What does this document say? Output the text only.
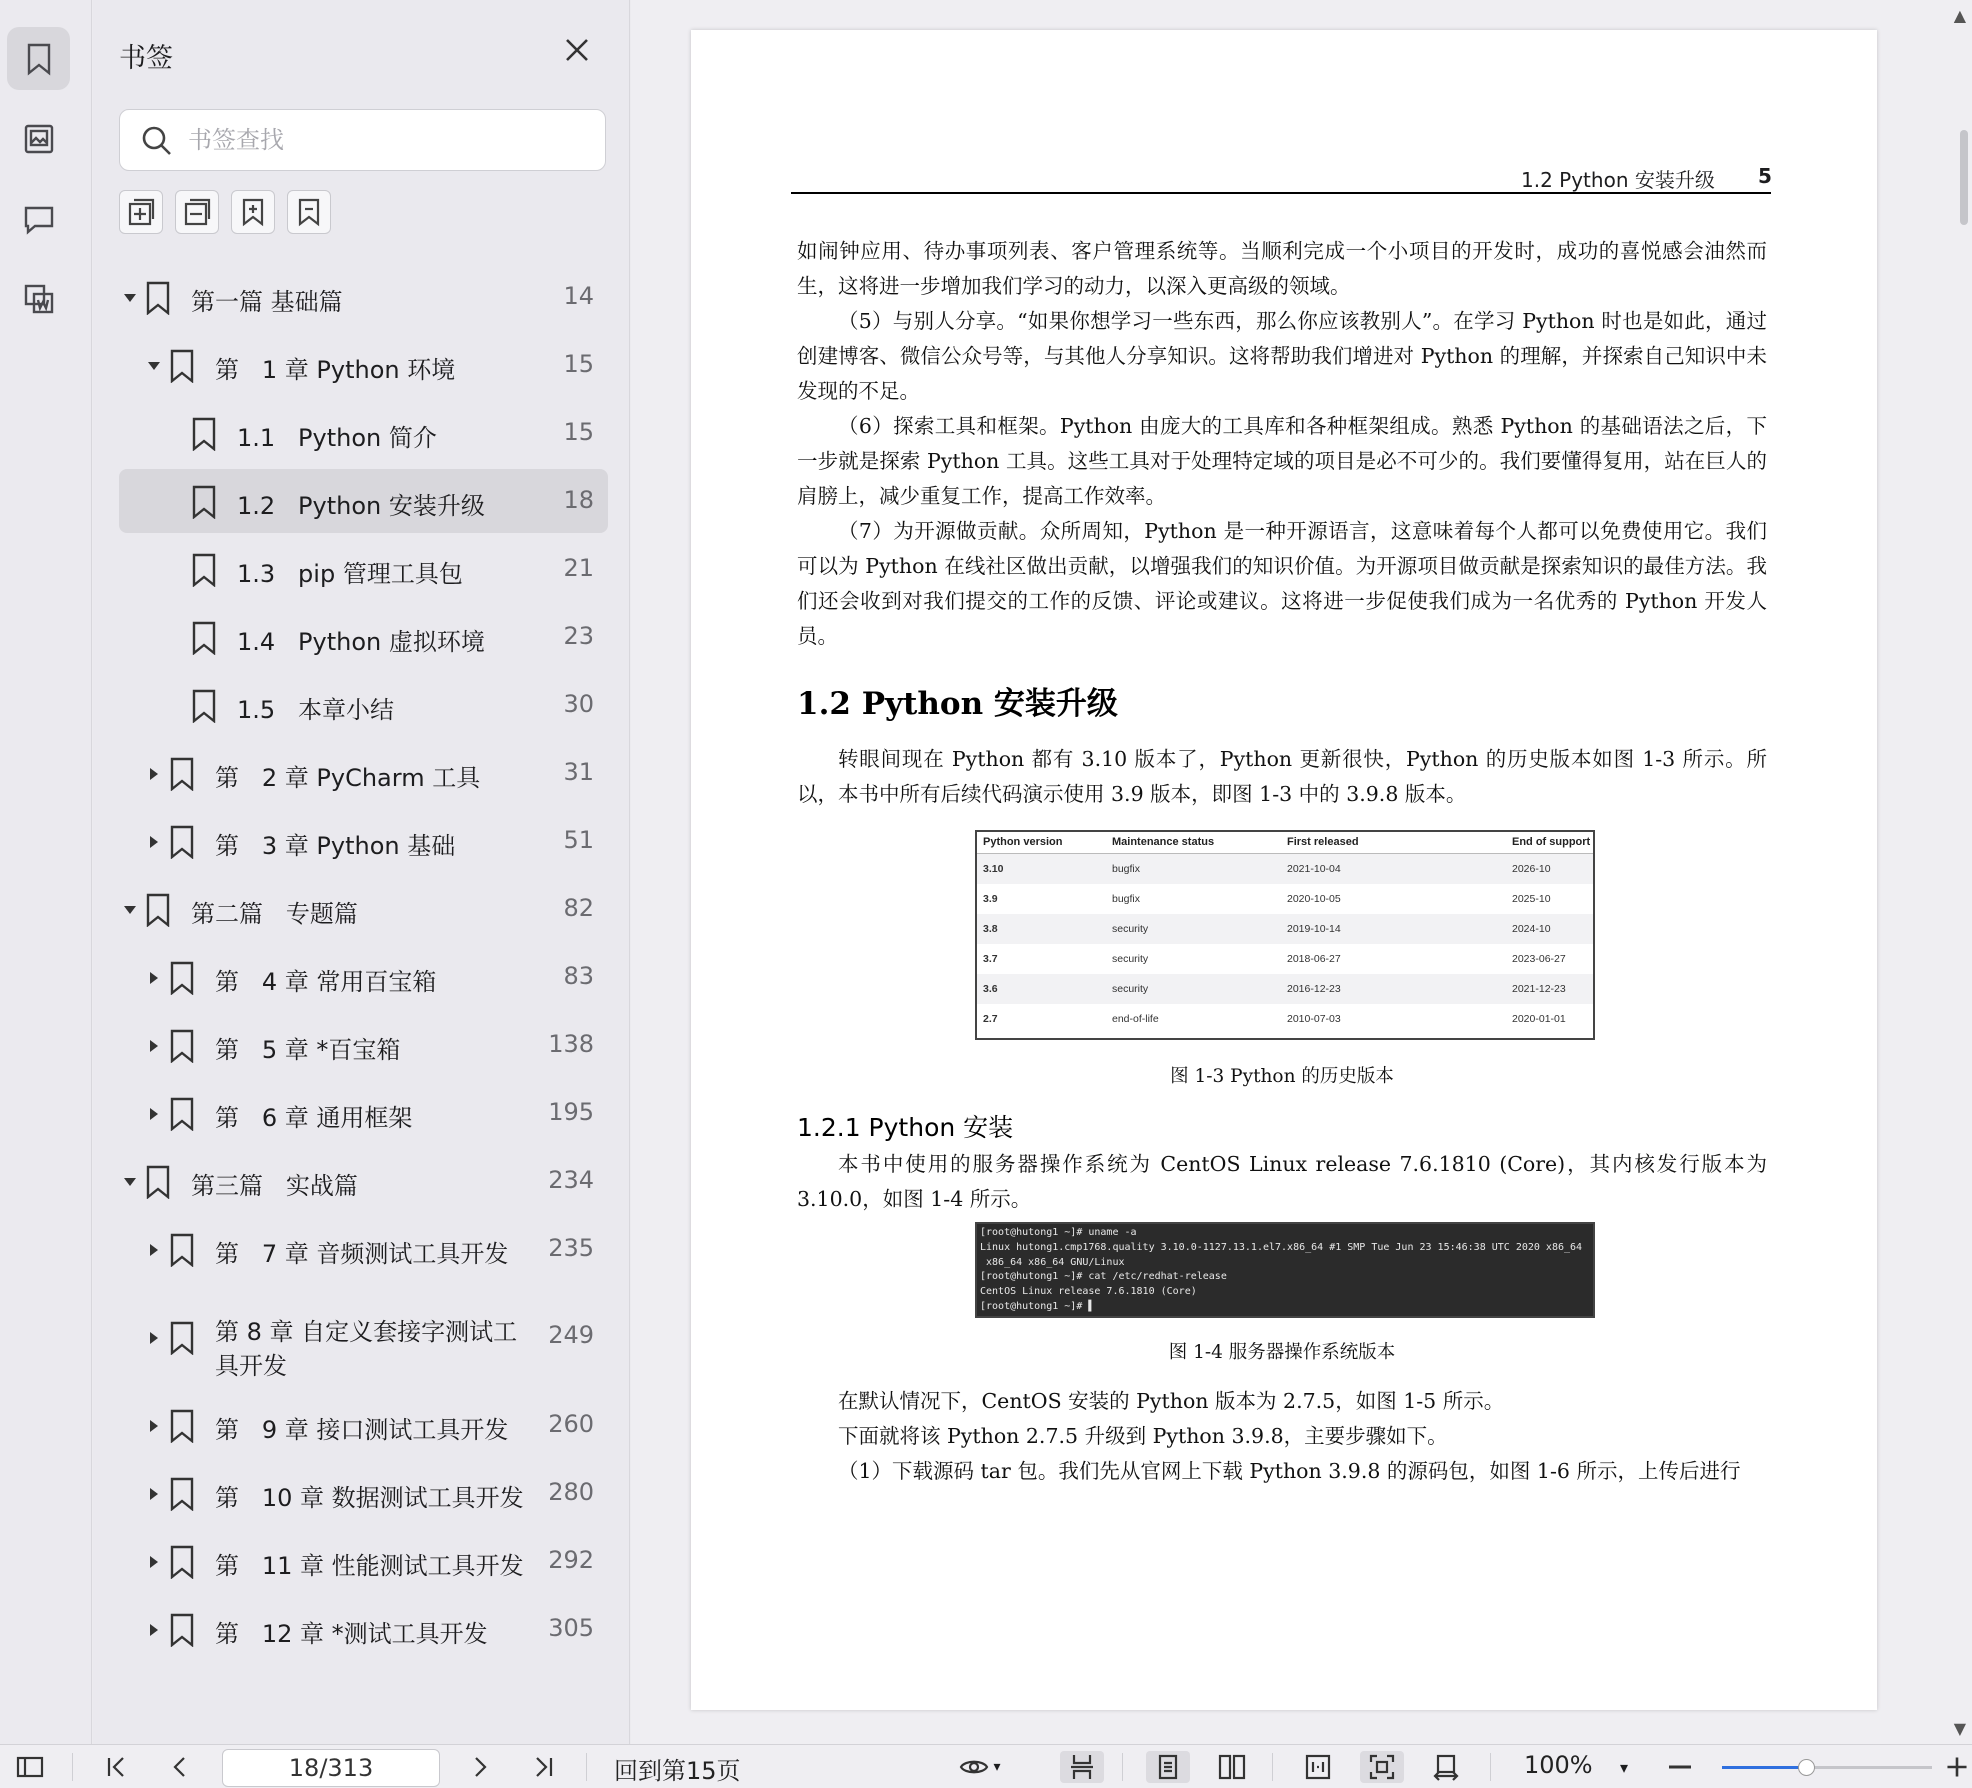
书签
书签查找
第一篇 基础篇	14
第   1 章 Python 环境	15
1.1   Python 简介	15
1.2   Python 安装升级	18
1.3   pip 管理工具包	21
1.4   Python 虚拟环境	23
1.5   本章小结	30
第   2 章 PyCharm 工具	31
第   3 章 Python 基础	51
第二篇   专题篇	82
第   4 章 常用百宝箱	83
第   5 章 *百宝箱	138
第   6 章 通用框架	195
第三篇   实战篇	234
第   7 章 音频测试工具开发 235
第 8 章 自定义套接字测试工具开发
249
第   9 章 接口测试工具开发 260
第   10 章 数据测试工具开发 280
第   11 章 性能测试工具开发 292
第   12 章 *测试工具开发	305
1.2 Python 安装升级 5
如闹钟应用、待办事项列表、客户管理系统等。当顺利完成一个小项目的开发时，成功的喜悦感会油然而生，这将进一步增加我们学习的动力，以深入更高级的领域。
（5）与别人分享。“如果你想学习一些东西，那么你应该教别人”。在学习 Python 时也是如此，通过创建博客、微信公众号等，与其他人分享知识。这将帮助我们增进对 Python 的理解，并探索自己知识中未发现的不足。
（6）探索工具和框架。Python 由庞大的工具库和各种框架组成。熟悉 Python 的基础语法之后，下一步就是探索 Python 工具。这些工具对于处理特定域的项目是必不可少的。我们要懂得复用，站在巨人的肩膀上，减少重复工作，提高工作效率。
（7）为开源做贡献。众所周知，Python 是一种开源语言，这意味着每个人都可以免费使用它。我们可以为 Python 在线社区做出贡献，以增强我们的知识价值。为开源项目做贡献是探索知识的最佳方法。我们还会收到对我们提交的工作的反馈、评论或建议。这将进一步促使我们成为一名优秀的 Python 开发人员。
1.2 Python 安装升级
转眼间现在 Python 都有 3.10 版本了，Python 更新很快，Python 的历史版本如图 1-3 所示。所以，本书中所有后续代码演示使用 3.9 版本，即图 1-3 中的 3.9.8 版本。
Python version	Maintenance status	First released	End of support
3.10	bugfix	2021-10-04	2026-10
3.9	bugfix	2020-10-05	2025-10
3.8	security	2019-10-14	2024-10
3.7	security	2018-06-27	2023-06-27
3.6	security	2016-12-23	2021-12-23
2.7	end-of-life	2010-07-03	2020-01-01
图 1-3 Python 的历史版本
1.2.1 Python 安装
本书中使用的服务器操作系统为 CentOS Linux release 7.6.1810 (Core)，其内核发行版本为 3.10.0，如图 1-4 所示。
[root@hutong1 ~]# uname -a
Linux hutong1.cmp1768.quality 3.10.0-1127.13.1.el7.x86_64 #1 SMP Tue Jun 23 15:46:38 UTC 2020 x86_64
x86_64 x86_64 GNU/Linux
[root@hutong1 ~]# cat /etc/redhat-release
CentOS Linux release 7.6.1810 (Core)
[root@hutong1 ~]# ▌
图 1-4 服务器操作系统版本
在默认情况下，CentOS 安装的 Python 版本为 2.7.5，如图 1-5 所示。
下面就将该 Python 2.7.5 升级到 Python 3.9.8，主要步骤如下。
（1）下载源码 tar 包。我们先从官网上下载 Python 3.9.8 的源码包，如图 1-6 所示，上传后进行
▲
▼
18/313	回到第15页	▾	100% ▾
